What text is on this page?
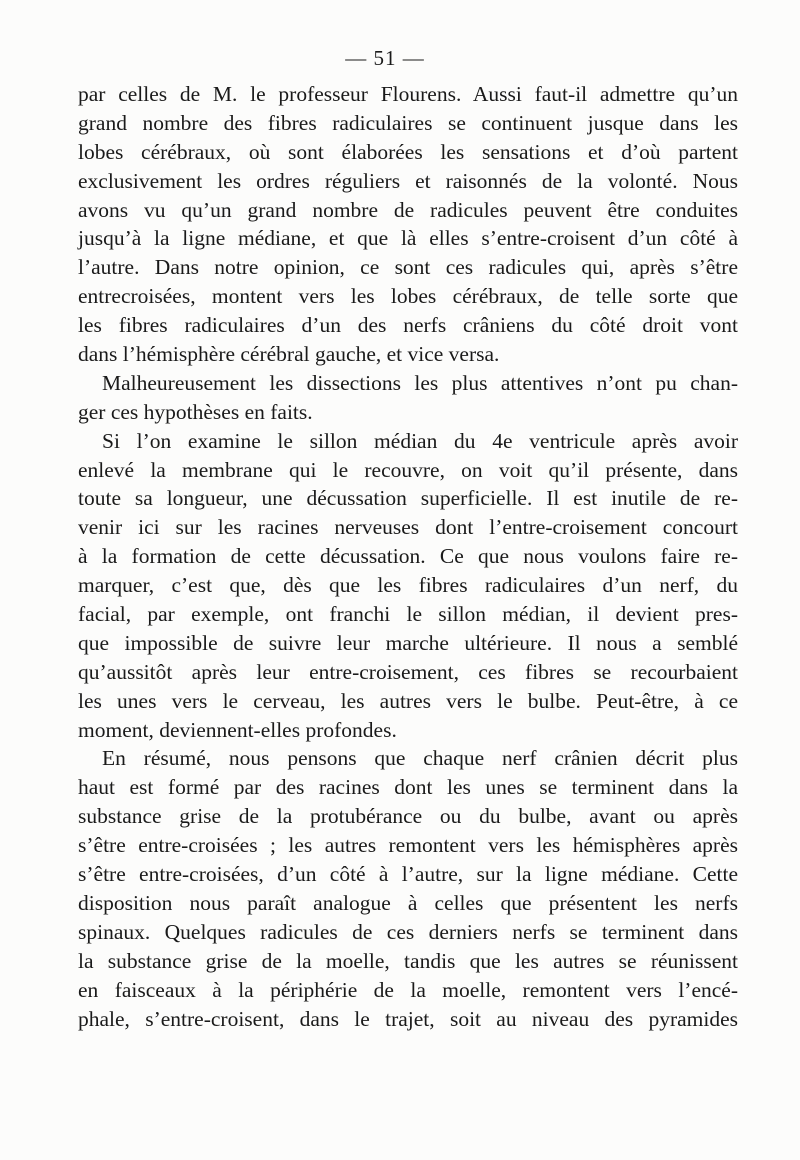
— 51 —
par celles de M. le professeur Flourens. Aussi faut-il admettre qu’un
grand nombre des fibres radiculaires se continuent jusque dans les
lobes cérébraux, où sont élaborées les sensations et d’où partent
exclusivement les ordres réguliers et raisonnés de la volonté. Nous
avons vu qu’un grand nombre de radicules peuvent être conduites
jusqu’à la ligne médiane, et que là elles s’entre-croisent d’un côté à
l’autre. Dans notre opinion, ce sont ces radicules qui, après s’être
entrecroisées, montent vers les lobes cérébraux, de telle sorte que
les fibres radiculaires d’un des nerfs crâniens du côté droit vont
dans l’hémisphère cérébral gauche, et vice versa.
Malheureusement les dissections les plus attentives n’ont pu chan-
ger ces hypothèses en faits.
Si l’on examine le sillon médian du 4e ventricule après avoir
enlevé la membrane qui le recouvre, on voit qu’il présente, dans
toute sa longueur, une décussation superficielle. Il est inutile de re-
venir ici sur les racines nerveuses dont l’entre-croisement concourt
à la formation de cette décussation. Ce que nous voulons faire re-
marquer, c’est que, dès que les fibres radiculaires d’un nerf, du
facial, par exemple, ont franchi le sillon médian, il devient pres-
que impossible de suivre leur marche ultérieure. Il nous a semblé
qu’aussitôt après leur entre-croisement, ces fibres se recourbaient
les unes vers le cerveau, les autres vers le bulbe. Peut-être, à ce
moment, deviennent-elles profondes.
En résumé, nous pensons que chaque nerf crânien décrit plus
haut est formé par des racines dont les unes se terminent dans la
substance grise de la protubérance ou du bulbe, avant ou après
s’être entre-croisées ; les autres remontent vers les hémisphères après
s’être entre-croisées, d’un côté à l’autre, sur la ligne médiane. Cette
disposition nous paraît analogue à celles que présentent les nerfs
spinaux. Quelques radicules de ces derniers nerfs se terminent dans
la substance grise de la moelle, tandis que les autres se réunissent
en faisceaux à la périphérie de la moelle, remontent vers l’encé-
phale, s’entre-croisent, dans le trajet, soit au niveau des pyramides
